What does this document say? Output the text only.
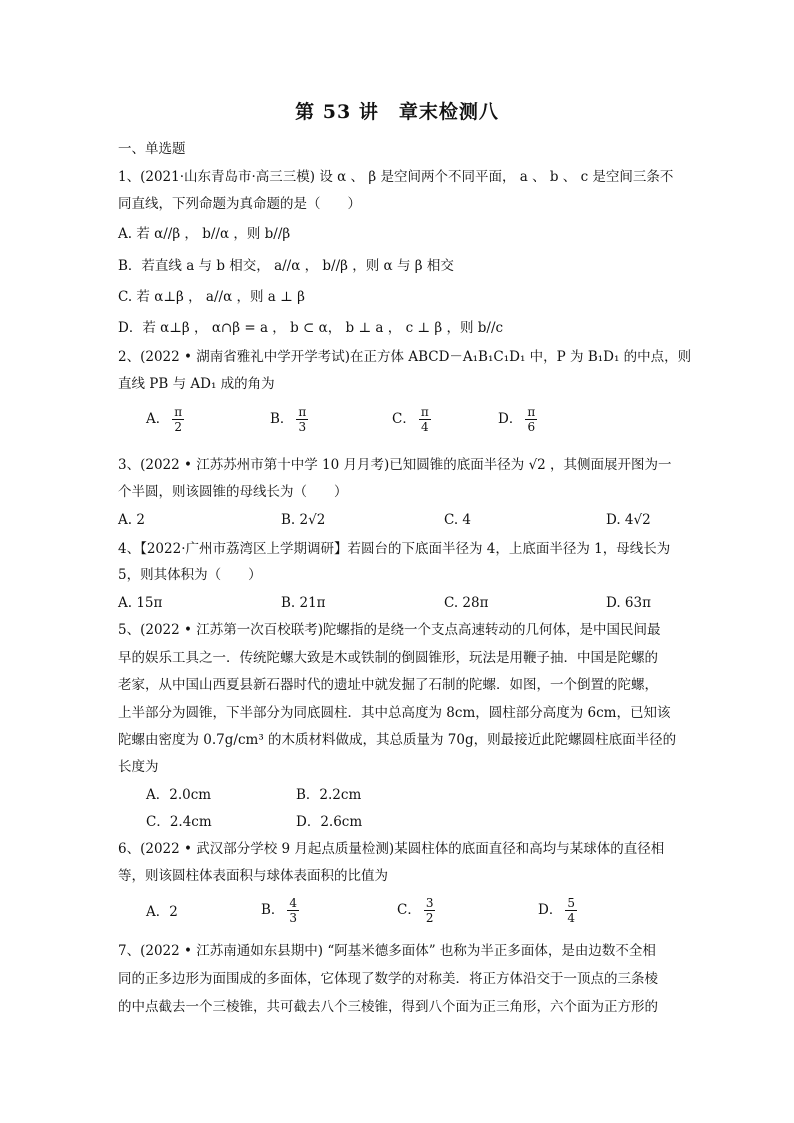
第 53 讲　章末检测八
一、单选题
1、(2021·山东青岛市·高三三模) 设 α 、 β 是空间两个不同平面， a 、 b 、 c 是空间三条不
同直线，下列命题为真命题的是（　　）
A. 若 α//β ， b//α ，则 b//β
B．若直线 a 与 b 相交， a//α ， b//β ，则 α 与 β 相交
C. 若 α⊥β ， a//α ，则 a ⊥ β
D．若 α⊥β ， α∩β = a ， b ⊂ α， b ⊥ a ， c ⊥ β ，则 b//c
2、(2022 • 湖南省雅礼中学开学考试)在正方体 ABCD－A₁B₁C₁D₁ 中，P 为 B₁D₁ 的中点，则
直线 PB 与 AD₁ 成的角为
A． $\frac{\pi}{2}$	B． $\frac{\pi}{3}$	C． $\frac{\pi}{4}$	D． $\frac{\pi}{6}$
3、(2022 • 江苏苏州市第十中学 10 月月考)已知圆锥的底面半径为 √2 ，其侧面展开图为一
个半圆，则该圆锥的母线长为（　　）
A. 2	B. 2√2	C. 4	D. 4√2
4、【2022·广州市荔湾区上学期调研】若圆台的下底面半径为 4，上底面半径为 1，母线长为
5，则其体积为（　　）
A. 15π	B. 21π	C. 28π	D. 63π
5、(2022 • 江苏第一次百校联考)陀螺指的是绕一个支点高速转动的几何体，是中国民间最
早的娱乐工具之一．传统陀螺大致是木或铁制的倒圆锥形，玩法是用鞭子抽．中国是陀螺的
老家，从中国山西夏县新石器时代的遗址中就发掘了石制的陀螺．如图，一个倒置的陀螺，
上半部分为圆锥，下半部分为同底圆柱．其中总高度为 8cm，圆柱部分高度为 6cm，已知该
陀螺由密度为 0.7g/cm³ 的木质材料做成，其总质量为 70g，则最接近此陀螺圆柱底面半径的
长度为
A．2.0cm	B．2.2cm
C．2.4cm	D．2.6cm
6、(2022 • 武汉部分学校 9 月起点质量检测)某圆柱体的底面直径和高均与某球体的直径相
等，则该圆柱体表面积与球体表面积的比值为
A．2	B． $\frac{4}{3}$	C． $\frac{3}{2}$	D． $\frac{5}{4}$
7、(2022 • 江苏南通如东县期中) “阿基米德多面体” 也称为半正多面体，是由边数不全相
同的正多边形为面围成的多面体，它体现了数学的对称美．将正方体沿交于一顶点的三条棱
的中点截去一个三棱锥，共可截去八个三棱锥，得到八个面为正三角形，六个面为正方形的
